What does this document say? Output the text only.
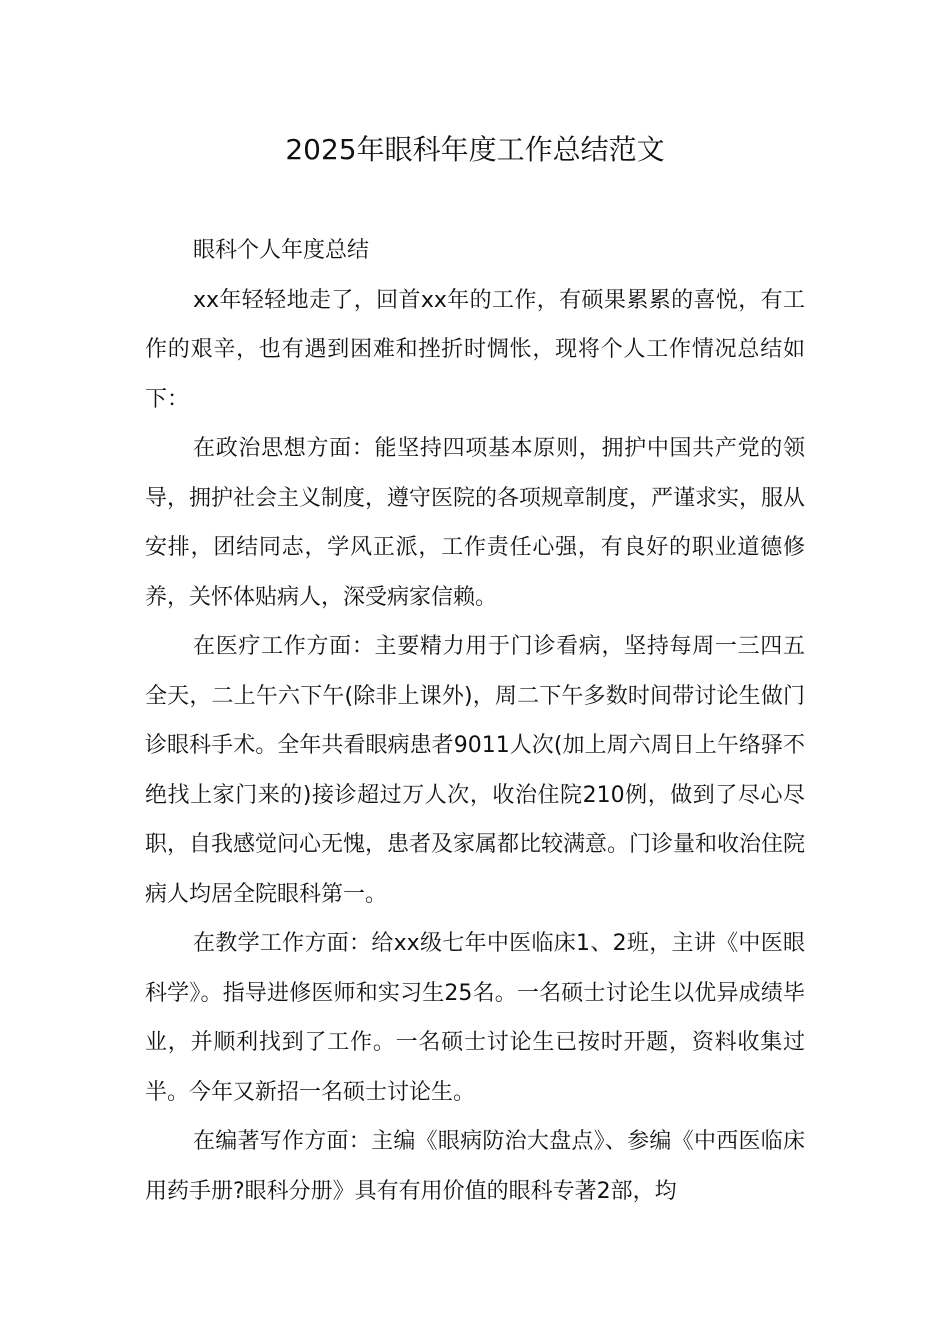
2025年眼科年度工作总结范文

眼科个人年度总结

xx年轻轻地走了，回首xx年的工作，有硕果累累的喜悦，有工作的艰辛，也有遇到困难和挫折时惆怅，现将个人工作情况总结如下：

在政治思想方面：能坚持四项基本原则，拥护中国共产党的领导，拥护社会主义制度，遵守医院的各项规章制度，严谨求实，服从安排，团结同志，学风正派，工作责任心强，有良好的职业道德修养，关怀体贴病人，深受病家信赖。

在医疗工作方面：主要精力用于门诊看病，坚持每周一三四五全天，二上午六下午(除非上课外)，周二下午多数时间带讨论生做门诊眼科手术。全年共看眼病患者9011人次(加上周六周日上午络驿不绝找上家门来的)接诊超过万人次，收治住院210例，做到了尽心尽职，自我感觉问心无愧，患者及家属都比较满意。门诊量和收治住院病人均居全院眼科第一。

在教学工作方面：给xx级七年中医临床1、2班，主讲《中医眼科学》。指导进修医师和实习生25名。一名硕士讨论生以优异成绩毕业，并顺利找到了工作。一名硕士讨论生已按时开题，资料收集过半。今年又新招一名硕士讨论生。

在编著写作方面：主编《眼病防治大盘点》、参编《中西医临床用药手册?眼科分册》具有有用价值的眼科专著2部，均
